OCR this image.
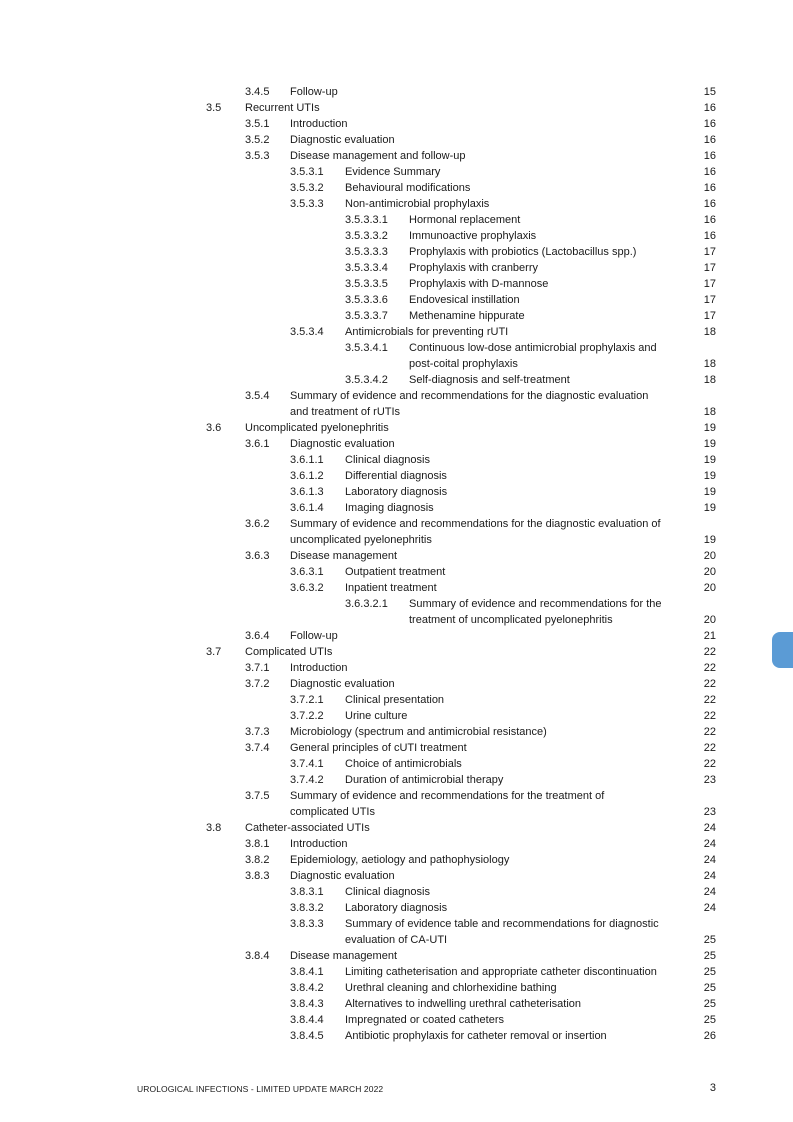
3.4.5 Follow-up	15
3.5 Recurrent UTIs	16
3.5.1 Introduction	16
3.5.2 Diagnostic evaluation	16
3.5.3 Disease management and follow-up	16
3.5.3.1 Evidence Summary	16
3.5.3.2 Behavioural modifications	16
3.5.3.3 Non-antimicrobial prophylaxis	16
3.5.3.3.1 Hormonal replacement	16
3.5.3.3.2 Immunoactive prophylaxis	16
3.5.3.3.3 Prophylaxis with probiotics (Lactobacillus spp.)	17
3.5.3.3.4 Prophylaxis with cranberry	17
3.5.3.3.5 Prophylaxis with D-mannose	17
3.5.3.3.6 Endovesical instillation	17
3.5.3.3.7 Methenamine hippurate	17
3.5.3.4 Antimicrobials for preventing rUTI	18
3.5.3.4.1 Continuous low-dose antimicrobial prophylaxis and
post-coital prophylaxis	18
3.5.3.4.2 Self-diagnosis and self-treatment	18
3.5.4 Summary of evidence and recommendations for the diagnostic evaluation
and treatment of rUTIs	18
3.6 Uncomplicated pyelonephritis	19
3.6.1 Diagnostic evaluation	19
3.6.1.1 Clinical diagnosis	19
3.6.1.2 Differential diagnosis	19
3.6.1.3 Laboratory diagnosis	19
3.6.1.4 Imaging diagnosis	19
3.6.2 Summary of evidence and recommendations for the diagnostic evaluation of
uncomplicated pyelonephritis	19
3.6.3 Disease management	20
3.6.3.1 Outpatient treatment	20
3.6.3.2 Inpatient treatment	20
3.6.3.2.1 Summary of evidence and recommendations for the
treatment of uncomplicated pyelonephritis	20
3.6.4 Follow-up	21
3.7 Complicated UTIs	22
3.7.1 Introduction	22
3.7.2 Diagnostic evaluation	22
3.7.2.1 Clinical presentation	22
3.7.2.2 Urine culture	22
3.7.3 Microbiology (spectrum and antimicrobial resistance)	22
3.7.4 General principles of cUTI treatment	22
3.7.4.1 Choice of antimicrobials	22
3.7.4.2 Duration of antimicrobial therapy	23
3.7.5 Summary of evidence and recommendations for the treatment of
complicated UTIs	23
3.8 Catheter-associated UTIs	24
3.8.1 Introduction	24
3.8.2 Epidemiology, aetiology and pathophysiology	24
3.8.3 Diagnostic evaluation	24
3.8.3.1 Clinical diagnosis	24
3.8.3.2 Laboratory diagnosis	24
3.8.3.3 Summary of evidence table and recommendations for diagnostic
evaluation of CA-UTI	25
3.8.4 Disease management	25
3.8.4.1 Limiting catheterisation and appropriate catheter discontinuation	25
3.8.4.2 Urethral cleaning and chlorhexidine bathing	25
3.8.4.3 Alternatives to indwelling urethral catheterisation	25
3.8.4.4 Impregnated or coated catheters	25
3.8.4.5 Antibiotic prophylaxis for catheter removal or insertion	26
UROLOGICAL INFECTIONS - LIMITED UPDATE MARCH 2022	3
